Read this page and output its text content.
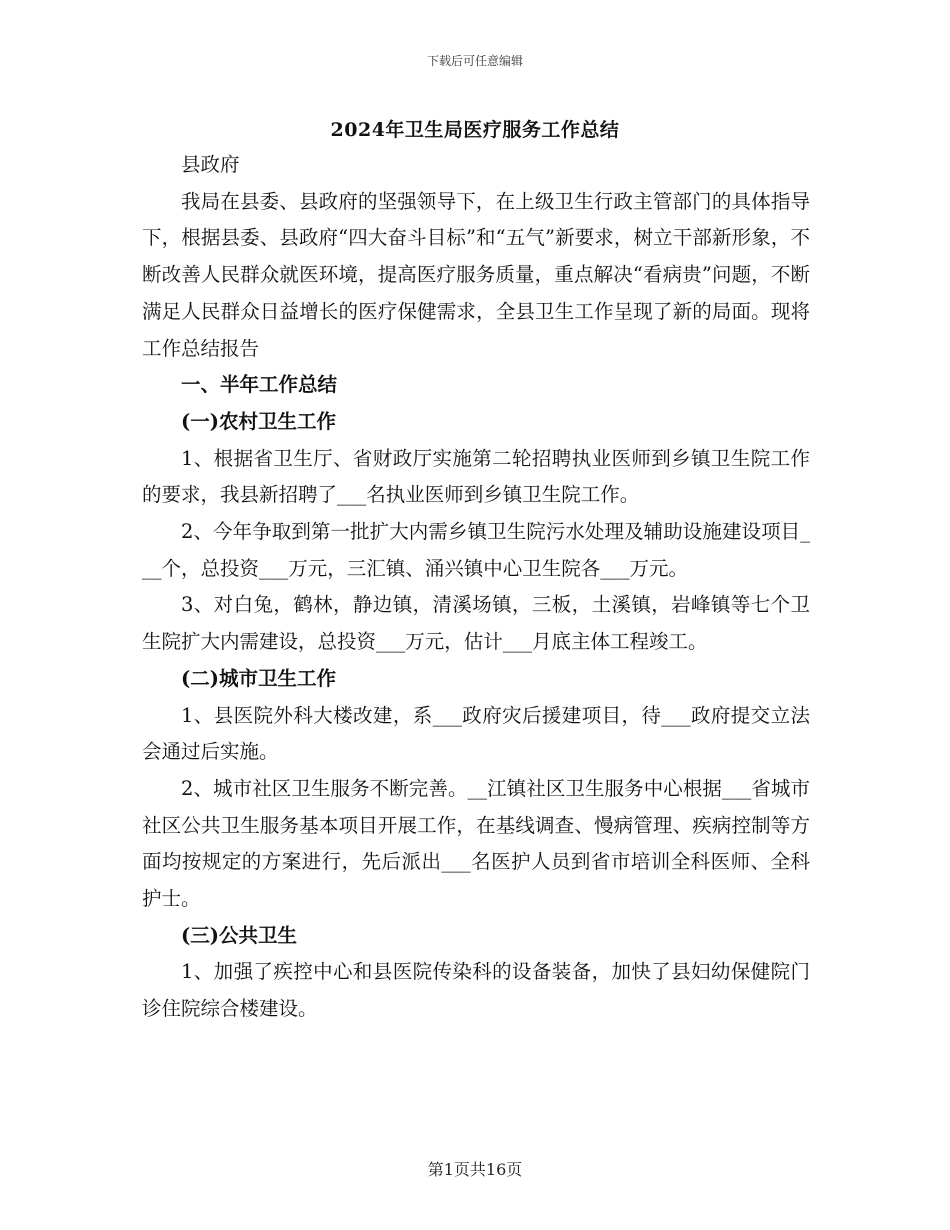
下载后可任意编辑
2024年卫生局医疗服务工作总结

县政府

我局在县委、县政府的坚强领导下，在上级卫生行政主管部门的具体指导下，根据县委、县政府“四大奋斗目标”和“五气”新要求，树立干部新形象，不断改善人民群众就医环境，提高医疗服务质量，重点解决“看病贵”问题，不断满足人民群众日益增长的医疗保健需求，全县卫生工作呈现了新的局面。现将工作总结报告

一、半年工作总结

(一)农村卫生工作

1、根据省卫生厅、省财政厅实施第二轮招聘执业医师到乡镇卫生院工作的要求，我县新招聘了___名执业医师到乡镇卫生院工作。

2、今年争取到第一批扩大内需乡镇卫生院污水处理及辅助设施建设项目___个，总投资___万元，三汇镇、涌兴镇中心卫生院各___万元。

3、对白兔，鹤林，静边镇，清溪场镇，三板，土溪镇，岩峰镇等七个卫生院扩大内需建设，总投资___万元，估计___月底主体工程竣工。

(二)城市卫生工作

1、县医院外科大楼改建，系___政府灾后援建项目，待___政府提交立法会通过后实施。

2、城市社区卫生服务不断完善。__江镇社区卫生服务中心根据___省城市社区公共卫生服务基本项目开展工作，在基线调查、慢病管理、疾病控制等方面均按规定的方案进行，先后派出___名医护人员到省市培训全科医师、全科护士。

(三)公共卫生

1、加强了疾控中心和县医院传染科的设备装备，加快了县妇幼保健院门诊住院综合楼建设。

第1页共16页
